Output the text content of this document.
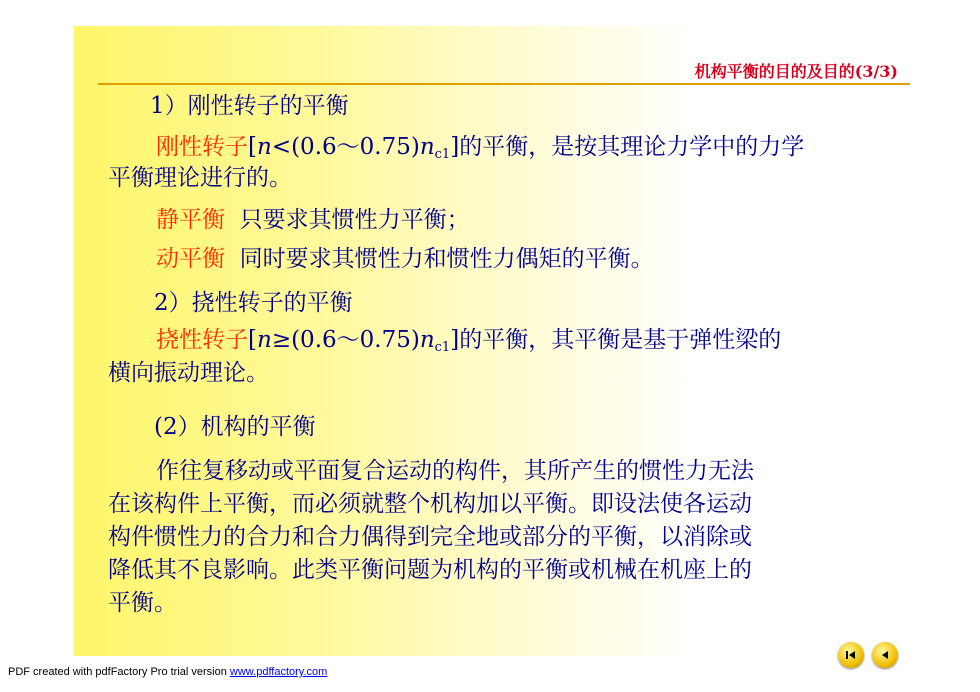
机构平衡的目的及目的(3/3)
1）刚性转子的平衡
刚性转子$[n<(0.6\sim 0.75)n_{c1}]$的平衡，是按其理论力学中的力学
平衡理论进行的。
静平衡  只要求其惯性力平衡；
动平衡  同时要求其惯性力和惯性力偶矩的平衡。
2）挠性转子的平衡
挠性转子$[n\ge(0.6\sim 0.75)n_{c1}]$的平衡，其平衡是基于弹性梁的
横向振动理论。
(2）机构的平衡
作往复移动或平面复合运动的构件，其所产生的惯性力无法
在该构件上平衡，而必须就整个机构加以平衡。即设法使各运动
构件惯性力的合力和合力偶得到完全地或部分的平衡，以消除或
降低其不良影响。此类平衡问题为机构的平衡或机械在机座上的
平衡。
PDF created with pdfFactory Pro trial version www.pdffactory.com
